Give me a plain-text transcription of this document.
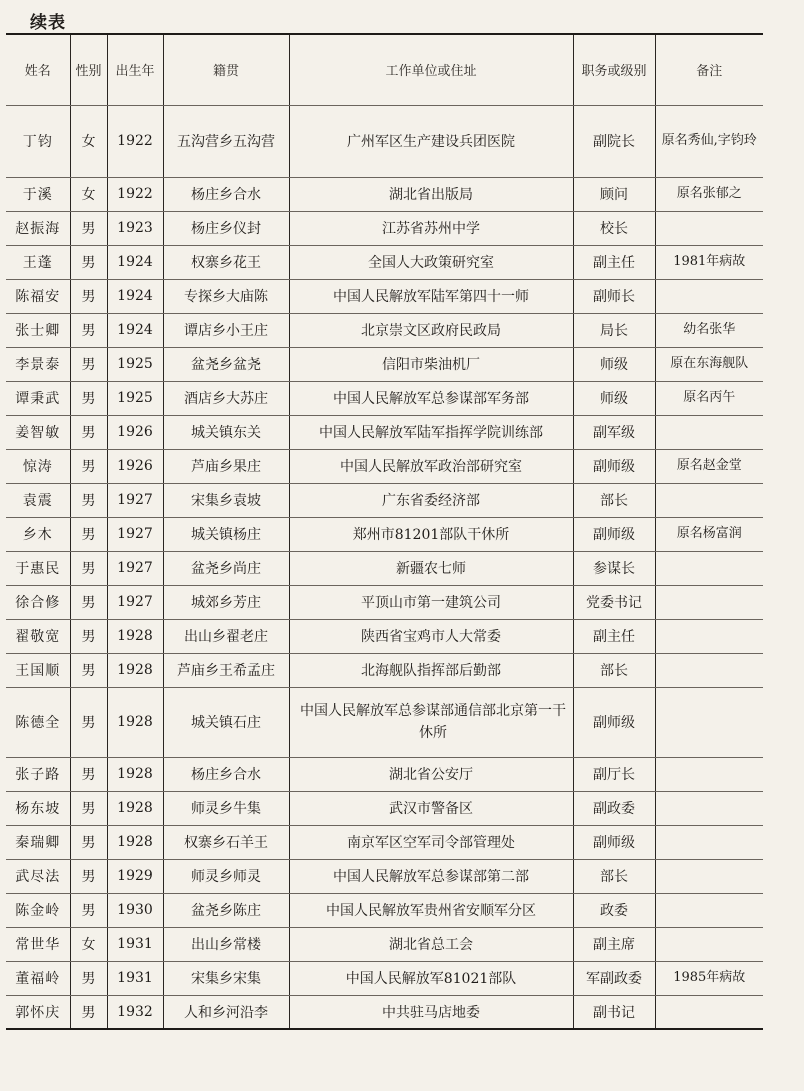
续表
姓名	性别	出生年	籍贯	工作单位或住址	职务或级别	备注
丁钧	女	1922	五沟营乡五沟营	广州军区生产建设兵团医院	副院长	原名秀仙,字钧玲
于溪	女	1922	杨庄乡合水	湖北省出版局	顾问	原名张郁之
赵振海	男	1923	杨庄乡仪封	江苏省苏州中学	校长	
王蓬	男	1924	权寨乡花王	全国人大政策研究室	副主任	1981年病故
陈福安	男	1924	专探乡大庙陈	中国人民解放军陆军第四十一师	副师长	
张士卿	男	1924	谭店乡小王庄	北京崇文区政府民政局	局长	幼名张华
李景泰	男	1925	盆尧乡盆尧	信阳市柴油机厂	师级	原在东海舰队
谭秉武	男	1925	酒店乡大苏庄	中国人民解放军总参谋部军务部	师级	原名丙午
姜智敏	男	1926	城关镇东关	中国人民解放军陆军指挥学院训练部	副军级	
惊涛	男	1926	芦庙乡果庄	中国人民解放军政治部研究室	副师级	原名赵金堂
袁震	男	1927	宋集乡袁坡	广东省委经济部	部长	
乡木	男	1927	城关镇杨庄	郑州市81201部队干休所	副师级	原名杨富润
于惠民	男	1927	盆尧乡尚庄	新疆农七师	参谋长	
徐合修	男	1927	城郊乡芳庄	平顶山市第一建筑公司	党委书记	
翟敬宽	男	1928	出山乡翟老庄	陕西省宝鸡市人大常委	副主任	
王国顺	男	1928	芦庙乡王希孟庄	北海舰队指挥部后勤部	部长	
陈德全	男	1928	城关镇石庄	中国人民解放军总参谋部通信部北京第一干休所	副师级	
张子路	男	1928	杨庄乡合水	湖北省公安厅	副厅长	
杨东坡	男	1928	师灵乡牛集	武汉市警备区	副政委	
秦瑞卿	男	1928	权寨乡石羊王	南京军区空军司令部管理处	副师级	
武尽法	男	1929	师灵乡师灵	中国人民解放军总参谋部第二部	部长	
陈金岭	男	1930	盆尧乡陈庄	中国人民解放军贵州省安顺军分区	政委	
常世华	女	1931	出山乡常楼	湖北省总工会	副主席	
董福岭	男	1931	宋集乡宋集	中国人民解放军81021部队	军副政委	1985年病故
郭怀庆	男	1932	人和乡河沿李	中共驻马店地委	副书记	
